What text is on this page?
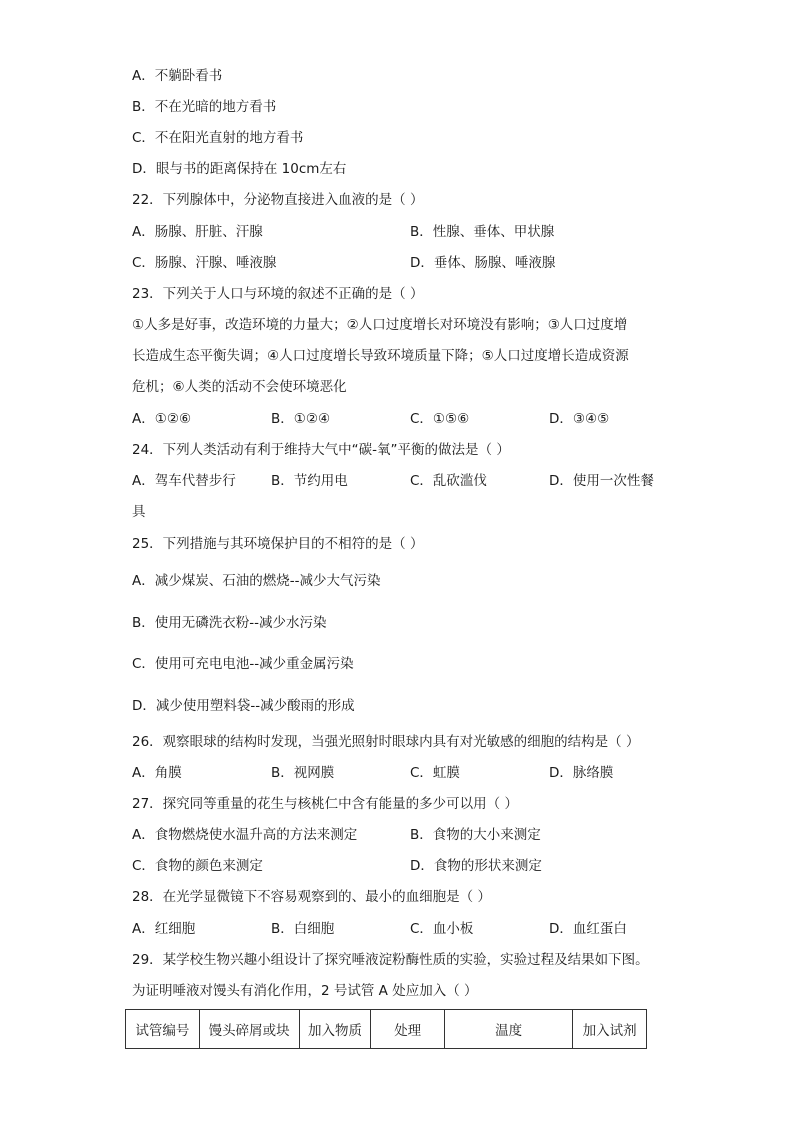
A．不躺卧看书
B．不在光暗的地方看书
C．不在阳光直射的地方看书
D．眼与书的距离保持在 10cm左右
22．下列腺体中，分泌物直接进入血液的是（ ）
A．肠腺、肝脏、汗腺	B．性腺、垂体、甲状腺
C．肠腺、汗腺、唾液腺	D．垂体、肠腺、唾液腺
23．下列关于人口与环境的叙述不正确的是（ ）
①人多是好事，改造环境的力量大；②人口过度增长对环境没有影响；③人口过度增
长造成生态平衡失调；④人口过度增长导致环境质量下降；⑤人口过度增长造成资源
危机；⑥人类的活动不会使环境恶化
A．①②⑥	B．①②④	C．①⑤⑥	D．③④⑤
24．下列人类活动有利于维持大气中“碳-氧”平衡的做法是（ ）
A．驾车代替步行	B．节约用电	C．乱砍滥伐	D．使用一次性餐
具
25．下列措施与其环境保护目的不相符的是（ ）
A．减少煤炭、石油的燃烧--减少大气污染
B．使用无磷洗衣粉--减少水污染
C．使用可充电电池--减少重金属污染
D．减少使用塑料袋--减少酸雨的形成
26．观察眼球的结构时发现，当强光照射时眼球内具有对光敏感的细胞的结构是（ ）
A．角膜	B．视网膜	C．虹膜	D．脉络膜
27．探究同等重量的花生与核桃仁中含有能量的多少可以用（ ）
A．食物燃烧使水温升高的方法来测定	B．食物的大小来测定
C．食物的颜色来测定	D．食物的形状来测定
28．在光学显微镜下不容易观察到的、最小的血细胞是（ ）
A．红细胞	B．白细胞	C．血小板	D．血红蛋白
29．某学校生物兴趣小组设计了探究唾液淀粉酶性质的实验，实验过程及结果如下图。
为证明唾液对馒头有消化作用，2 号试管 A 处应加入（ ）
试管编号	馒头碎屑或块	加入物质	处理	温度	加入试剂
